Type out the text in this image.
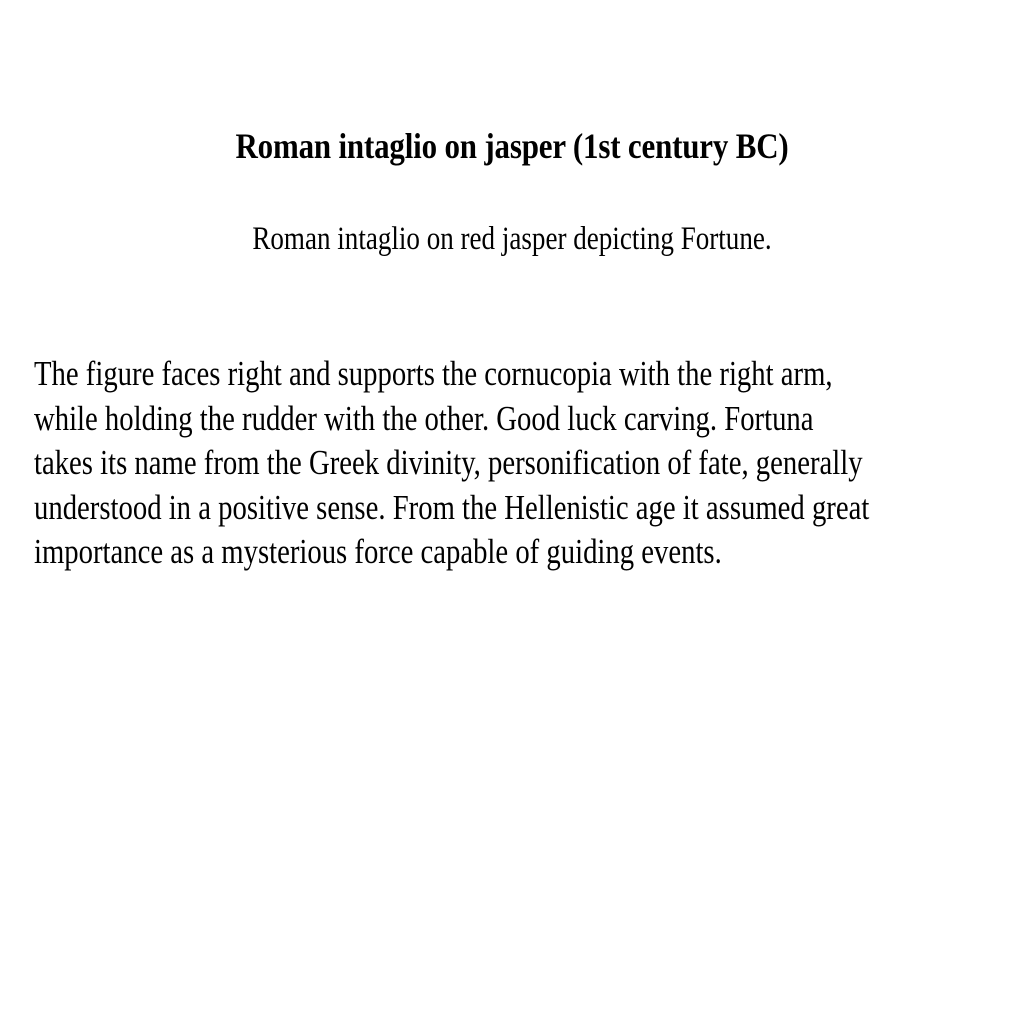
Roman intaglio on jasper (1st century BC)
Roman intaglio on red jasper depicting Fortune.
The figure faces right and supports the cornucopia with the right arm,
while holding the rudder with the other. Good luck carving. Fortuna
takes its name from the Greek divinity, personification of fate, generally
understood in a positive sense. From the Hellenistic age it assumed great
importance as a mysterious force capable of guiding events.
